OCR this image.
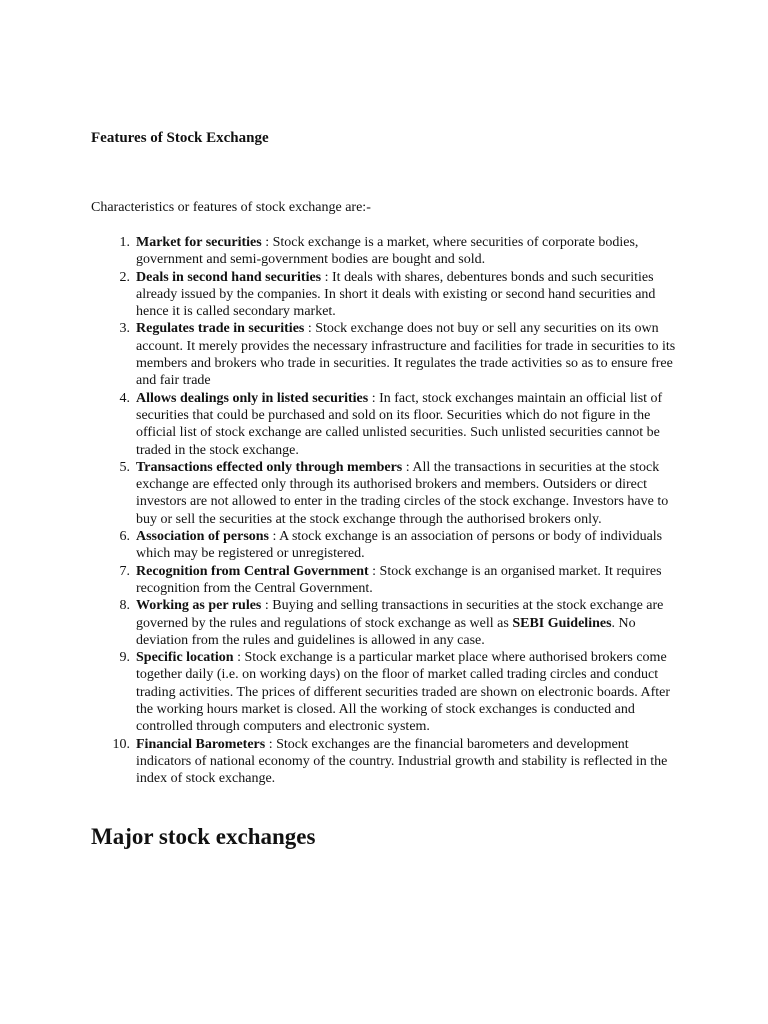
Features of Stock Exchange

Characteristics or features of stock exchange are:-

1. Market for securities : Stock exchange is a market, where securities of corporate bodies, government and semi-government bodies are bought and sold.
2. Deals in second hand securities : It deals with shares, debentures bonds and such securities already issued by the companies. In short it deals with existing or second hand securities and hence it is called secondary market.
3. Regulates trade in securities : Stock exchange does not buy or sell any securities on its own account. It merely provides the necessary infrastructure and facilities for trade in securities to its members and brokers who trade in securities. It regulates the trade activities so as to ensure free and fair trade
4. Allows dealings only in listed securities : In fact, stock exchanges maintain an official list of securities that could be purchased and sold on its floor. Securities which do not figure in the official list of stock exchange are called unlisted securities. Such unlisted securities cannot be traded in the stock exchange.
5. Transactions effected only through members : All the transactions in securities at the stock exchange are effected only through its authorised brokers and members. Outsiders or direct investors are not allowed to enter in the trading circles of the stock exchange. Investors have to buy or sell the securities at the stock exchange through the authorised brokers only.
6. Association of persons : A stock exchange is an association of persons or body of individuals which may be registered or unregistered.
7. Recognition from Central Government : Stock exchange is an organised market. It requires recognition from the Central Government.
8. Working as per rules : Buying and selling transactions in securities at the stock exchange are governed by the rules and regulations of stock exchange as well as SEBI Guidelines. No deviation from the rules and guidelines is allowed in any case.
9. Specific location : Stock exchange is a particular market place where authorised brokers come together daily (i.e. on working days) on the floor of market called trading circles and conduct trading activities. The prices of different securities traded are shown on electronic boards. After the working hours market is closed. All the working of stock exchanges is conducted and controlled through computers and electronic system.
10. Financial Barometers : Stock exchanges are the financial barometers and development indicators of national economy of the country. Industrial growth and stability is reflected in the index of stock exchange.
Major stock exchanges
